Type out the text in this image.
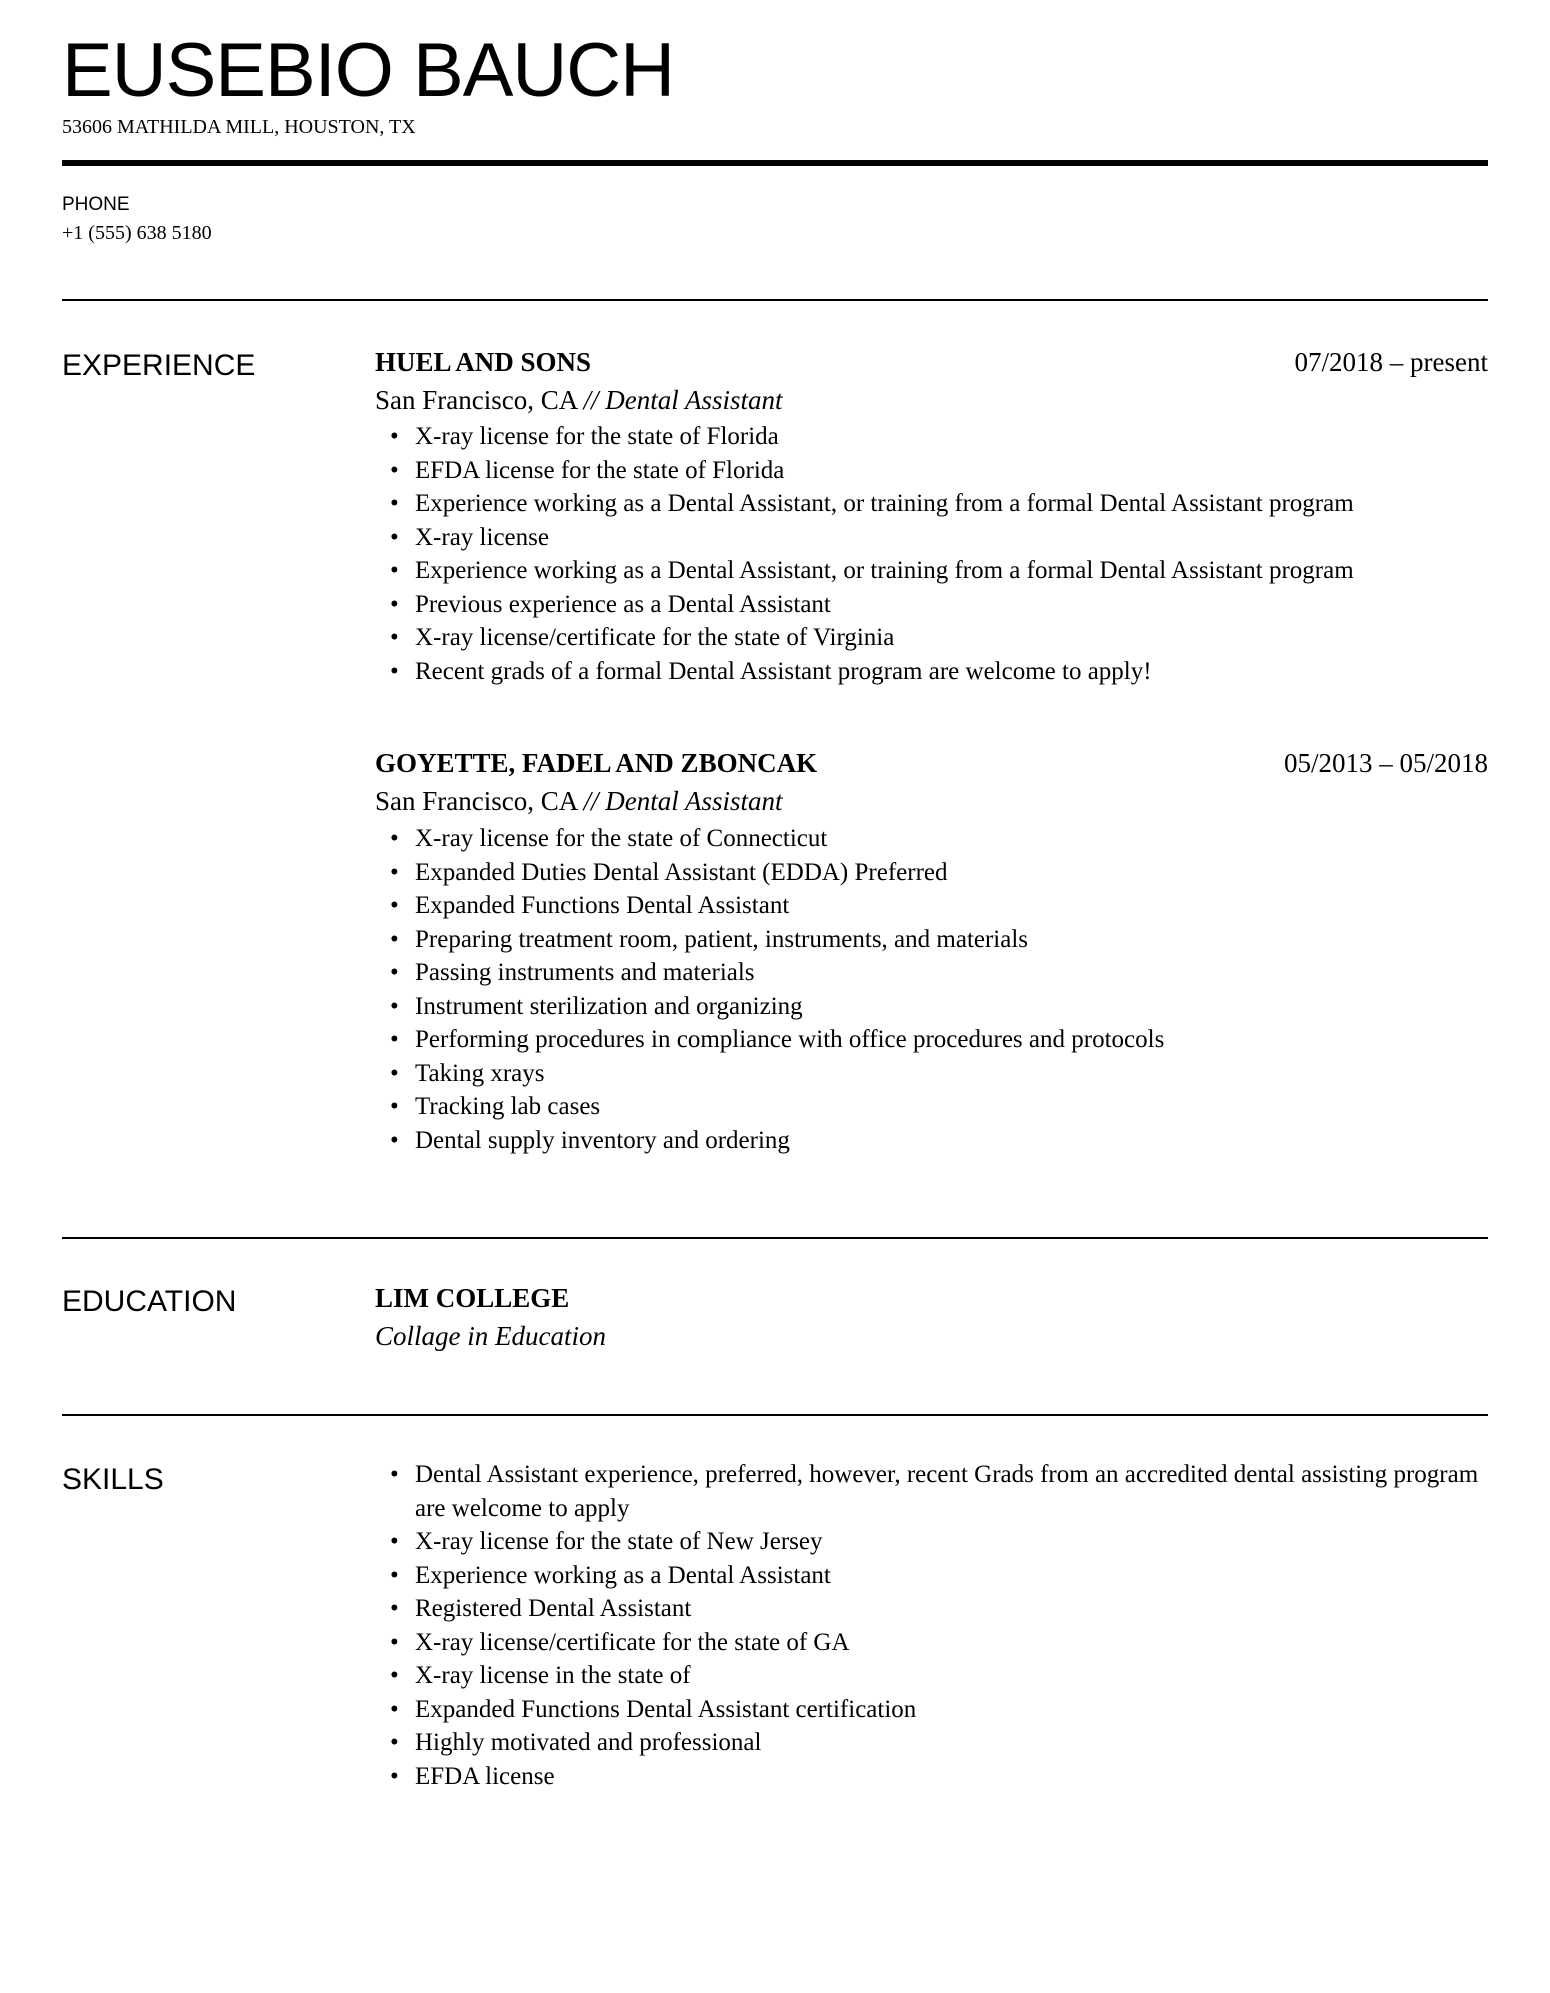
EUSEBIO BAUCH
53606 MATHILDA MILL, HOUSTON, TX
PHONE
+1 (555) 638 5180
EXPERIENCE	HUEL AND SONS	07/2018 – present
San Francisco, CA // Dental Assistant
• X-ray license for the state of Florida
• EFDA license for the state of Florida
• Experience working as a Dental Assistant, or training from a formal Dental Assistant program
• X-ray license
• Experience working as a Dental Assistant, or training from a formal Dental Assistant program
• Previous experience as a Dental Assistant
• X-ray license/certificate for the state of Virginia
• Recent grads of a formal Dental Assistant program are welcome to apply!
GOYETTE, FADEL AND ZBONCAK	05/2013 – 05/2018
San Francisco, CA // Dental Assistant
• X-ray license for the state of Connecticut
• Expanded Duties Dental Assistant (EDDA) Preferred
• Expanded Functions Dental Assistant
• Preparing treatment room, patient, instruments, and materials
• Passing instruments and materials
• Instrument sterilization and organizing
• Performing procedures in compliance with office procedures and protocols
• Taking xrays
• Tracking lab cases
• Dental supply inventory and ordering
EDUCATION	LIM COLLEGE
Collage in Education
SKILLS	• Dental Assistant experience, preferred, however, recent Grads from an accredited dental assisting program are welcome to apply
• X-ray license for the state of New Jersey
• Experience working as a Dental Assistant
• Registered Dental Assistant
• X-ray license/certificate for the state of GA
• X-ray license in the state of
• Expanded Functions Dental Assistant certification
• Highly motivated and professional
• EFDA license
